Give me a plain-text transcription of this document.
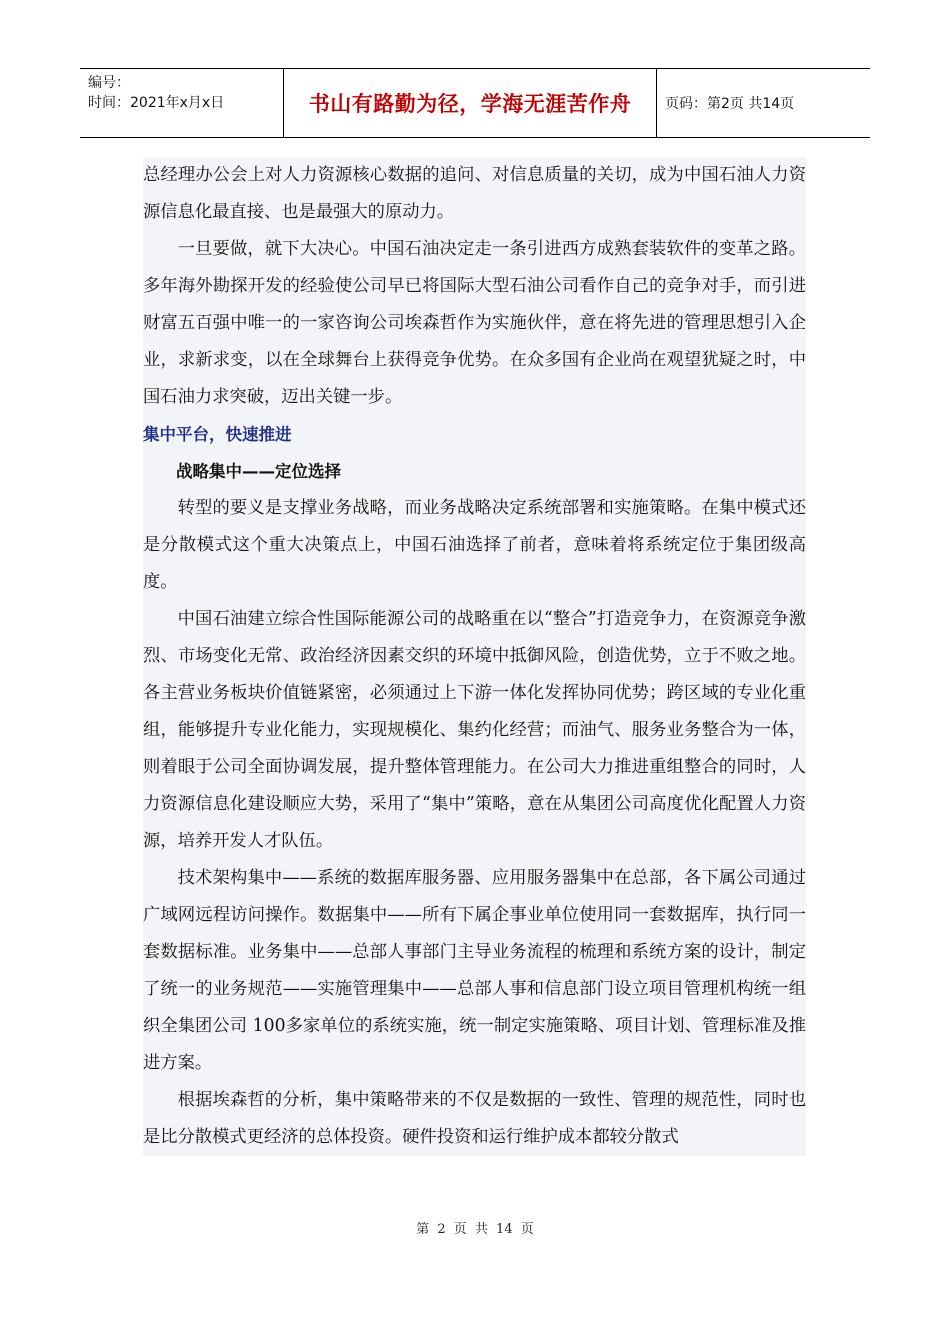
编号：
时间：2021年x月x日	书山有路勤为径，学海无涯苦作舟	页码：第2页 共14页

总经理办公会上对人力资源核心数据的追问、对信息质量的关切，成为中国石油人力资源信息化最直接、也是最强大的原动力。

一旦要做，就下大决心。中国石油决定走一条引进西方成熟套装软件的变革之路。多年海外勘探开发的经验使公司早已将国际大型石油公司看作自己的竞争对手，而引进财富五百强中唯一的一家咨询公司埃森哲作为实施伙伴，意在将先进的管理思想引入企业，求新求变，以在全球舞台上获得竞争优势。在众多国有企业尚在观望犹疑之时，中国石油力求突破，迈出关键一步。

集中平台，快速推进
战略集中——定位选择

转型的要义是支撑业务战略，而业务战略决定系统部署和实施策略。在集中模式还是分散模式这个重大决策点上，中国石油选择了前者，意味着将系统定位于集团级高度。

中国石油建立综合性国际能源公司的战略重在以“整合”打造竞争力，在资源竞争激烈、市场变化无常、政治经济因素交织的环境中抵御风险，创造优势，立于不败之地。各主营业务板块价值链紧密，必须通过上下游一体化发挥协同优势；跨区域的专业化重组，能够提升专业化能力，实现规模化、集约化经营；而油气、服务业务整合为一体，则着眼于公司全面协调发展，提升整体管理能力。在公司大力推进重组整合的同时，人力资源信息化建设顺应大势，采用了“集中”策略，意在从集团公司高度优化配置人力资源，培养开发人才队伍。

技术架构集中——系统的数据库服务器、应用服务器集中在总部，各下属公司通过广域网远程访问操作。数据集中——所有下属企事业单位使用同一套数据库，执行同一套数据标准。业务集中——总部人事部门主导业务流程的梳理和系统方案的设计，制定了统一的业务规范——实施管理集中——总部人事和信息部门设立项目管理机构统一组织全集团公司 100多家单位的系统实施，统一制定实施策略、项目计划、管理标准及推进方案。

根据埃森哲的分析，集中策略带来的不仅是数据的一致性、管理的规范性，同时也是比分散模式更经济的总体投资。硬件投资和运行维护成本都较分散式

第 2 页 共 14 页
